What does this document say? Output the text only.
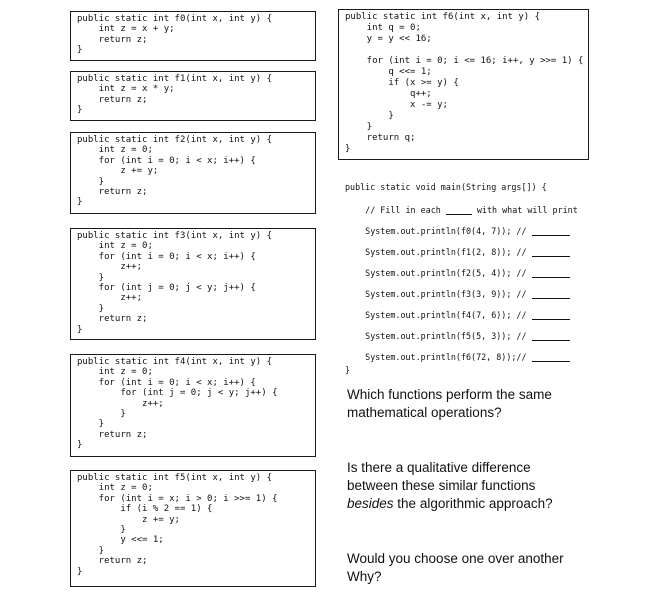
public static int f0(int x, int y) {
int z = x + y;
return z;
}
public static int f1(int x, int y) {
int z = x * y;
return z;
}
public static int f2(int x, int y) {
int z = 0;
for (int i = 0; i < x; i++) {
z += y;
}
return z;
}
public static int f3(int x, int y) {
int z = 0;
for (int i = 0; i < x; i++) {
z++;
}
for (int j = 0; j < y; j++) {
z++;
}
return z;
}
public static int f4(int x, int y) {
int z = 0;
for (int i = 0; i < x; i++) {
for (int j = 0; j < y; j++) {
z++;
}
}
return z;
}
public static int f5(int x, int y) {
int z = 0;
for (int i = x; i > 0; i >>= 1) {
if (i % 2 == 1) {
z += y;
}
y <<= 1;
}
return z;
}
public static int f6(int x, int y) {
int q = 0;
y = y << 16;

for (int i = 0; i <= 16; i++, y >>= 1) {
q <<= 1;
if (x >= y) {
q++;
x -= y;
}
}
return q;
}
public static void main(String args[]) {
// Fill in each	with what will print
System.out.println(f0(4, 7)); //
System.out.println(f1(2, 8)); //
System.out.println(f2(5, 4)); //
System.out.println(f3(3, 9)); //
System.out.println(f4(7, 6)); //
System.out.println(f5(5, 3)); //
System.out.println(f6(72, 8));//
}
Which functions perform the same mathematical operations?
Is there a qualitative difference between these similar functions besides the algorithmic approach?
Would you choose one over another Why?
